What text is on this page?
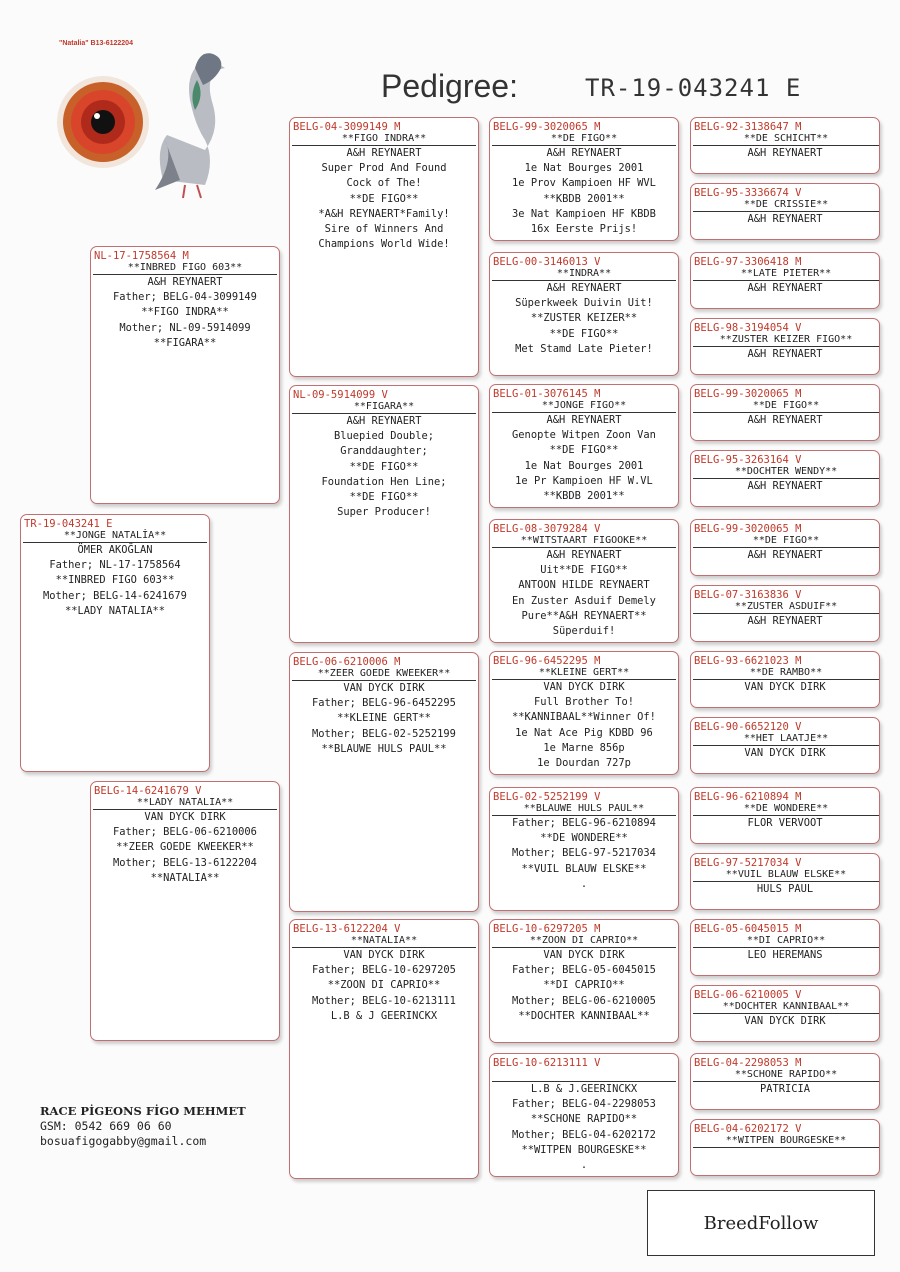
"Natalia" B13-6122204
Pedigree:	TR-19-043241 E
TR-19-043241 E
**JONGE NATALİA**
ÖMER AKOĞLAN
Father; NL-17-1758564
**INBRED FIGO 603**
Mother; BELG-14-6241679
**LADY NATALIA**
NL-17-1758564 M
**INBRED FIGO 603**
A&H REYNAERT
Father; BELG-04-3099149
**FIGO INDRA**
Mother; NL-09-5914099
**FIGARA**
BELG-14-6241679 V
**LADY NATALIA**
VAN DYCK DIRK
Father; BELG-06-6210006
**ZEER GOEDE KWEEKER**
Mother; BELG-13-6122204
**NATALIA**
BELG-04-3099149 M
**FIGO INDRA**
A&H REYNAERT
Super Prod And Found
Cock of The!
**DE FIGO**
*A&H REYNAERT*Family!
Sire of Winners And
Champions World Wide!
NL-09-5914099 V
**FIGARA**
A&H REYNAERT
Bluepied Double;
Granddaughter;
**DE FIGO**
Foundation Hen Line;
**DE FIGO**
Super Producer!
BELG-06-6210006 M
**ZEER GOEDE KWEEKER**
VAN DYCK DIRK
Father; BELG-96-6452295
**KLEINE GERT**
Mother; BELG-02-5252199
**BLAUWE HULS PAUL**
BELG-13-6122204 V
**NATALIA**
VAN DYCK DIRK
Father; BELG-10-6297205
**ZOON DI CAPRIO**
Mother; BELG-10-6213111
L.B & J GEERINCKX
BELG-99-3020065 M
**DE FIGO**
A&H REYNAERT
1e Nat Bourges 2001
1e Prov Kampioen HF WVL
**KBDB 2001**
3e Nat Kampioen HF KBDB
16x Eerste Prijs!
BELG-00-3146013 V
**INDRA**
A&H REYNAERT
Süperkweek Duivin Uit!
**ZUSTER KEIZER**
**DE FIGO**
Met Stamd Late Pieter!
BELG-01-3076145 M
**JONGE FIGO**
A&H REYNAERT
Genopte Witpen Zoon Van
**DE FIGO**
1e Nat Bourges 2001
1e Pr Kampioen HF W.VL
**KBDB 2001**
BELG-08-3079284 V
**WITSTAART FIGOOKE**
A&H REYNAERT
Uit**DE FIGO**
ANTOON HILDE REYNAERT
En Zuster Asduif Demely
Pure**A&H REYNAERT**
Süperduif!
BELG-96-6452295 M
**KLEINE GERT**
VAN DYCK DIRK
Full Brother To!
**KANNIBAAL**Winner Of!
1e Nat Ace Pig KDBD 96
1e Marne 856p
1e Dourdan 727p
BELG-02-5252199 V
**BLAUWE HULS PAUL**
Father; BELG-96-6210894
**DE WONDERE**
Mother; BELG-97-5217034
**VUIL BLAUW ELSKE**
.
BELG-10-6297205 M
**ZOON DI CAPRIO**
VAN DYCK DIRK
Father; BELG-05-6045015
**DI CAPRIO**
Mother; BELG-06-6210005
**DOCHTER KANNIBAAL**
BELG-10-6213111 V

L.B & J.GEERINCKX
Father; BELG-04-2298053
**SCHONE RAPIDO**
Mother; BELG-04-6202172
**WITPEN BOURGESKE**
.
BELG-92-3138647 M
**DE SCHICHT**
A&H REYNAERT
BELG-95-3336674 V
**DE CRISSIE**
A&H REYNAERT
BELG-97-3306418 M
**LATE PIETER**
A&H REYNAERT
BELG-98-3194054 V
**ZUSTER KEIZER FIGO**
A&H REYNAERT
BELG-99-3020065 M
**DE FIGO**
A&H REYNAERT
BELG-95-3263164 V
**DOCHTER WENDY**
A&H REYNAERT
BELG-99-3020065 M
**DE FIGO**
A&H REYNAERT
BELG-07-3163836 V
**ZUSTER ASDUIF**
A&H REYNAERT
BELG-93-6621023 M
**DE RAMBO**
VAN DYCK DIRK
BELG-90-6652120 V
**HET LAATJE**
VAN DYCK DIRK
BELG-96-6210894 M
**DE WONDERE**
FLOR VERVOOT
BELG-97-5217034 V
**VUIL BLAUW ELSKE**
HULS PAUL
BELG-05-6045015 M
**DI CAPRIO**
LEO HEREMANS
BELG-06-6210005 V
**DOCHTER KANNIBAAL**
VAN DYCK DIRK
BELG-04-2298053 M
**SCHONE RAPIDO**
PATRICIA
BELG-04-6202172 V
**WITPEN BOURGESKE**
RACE PİGEONS FİGO MEHMET
GSM: 0542 669 06 60
bosuafigogabby@gmail.com
BreedFollow
